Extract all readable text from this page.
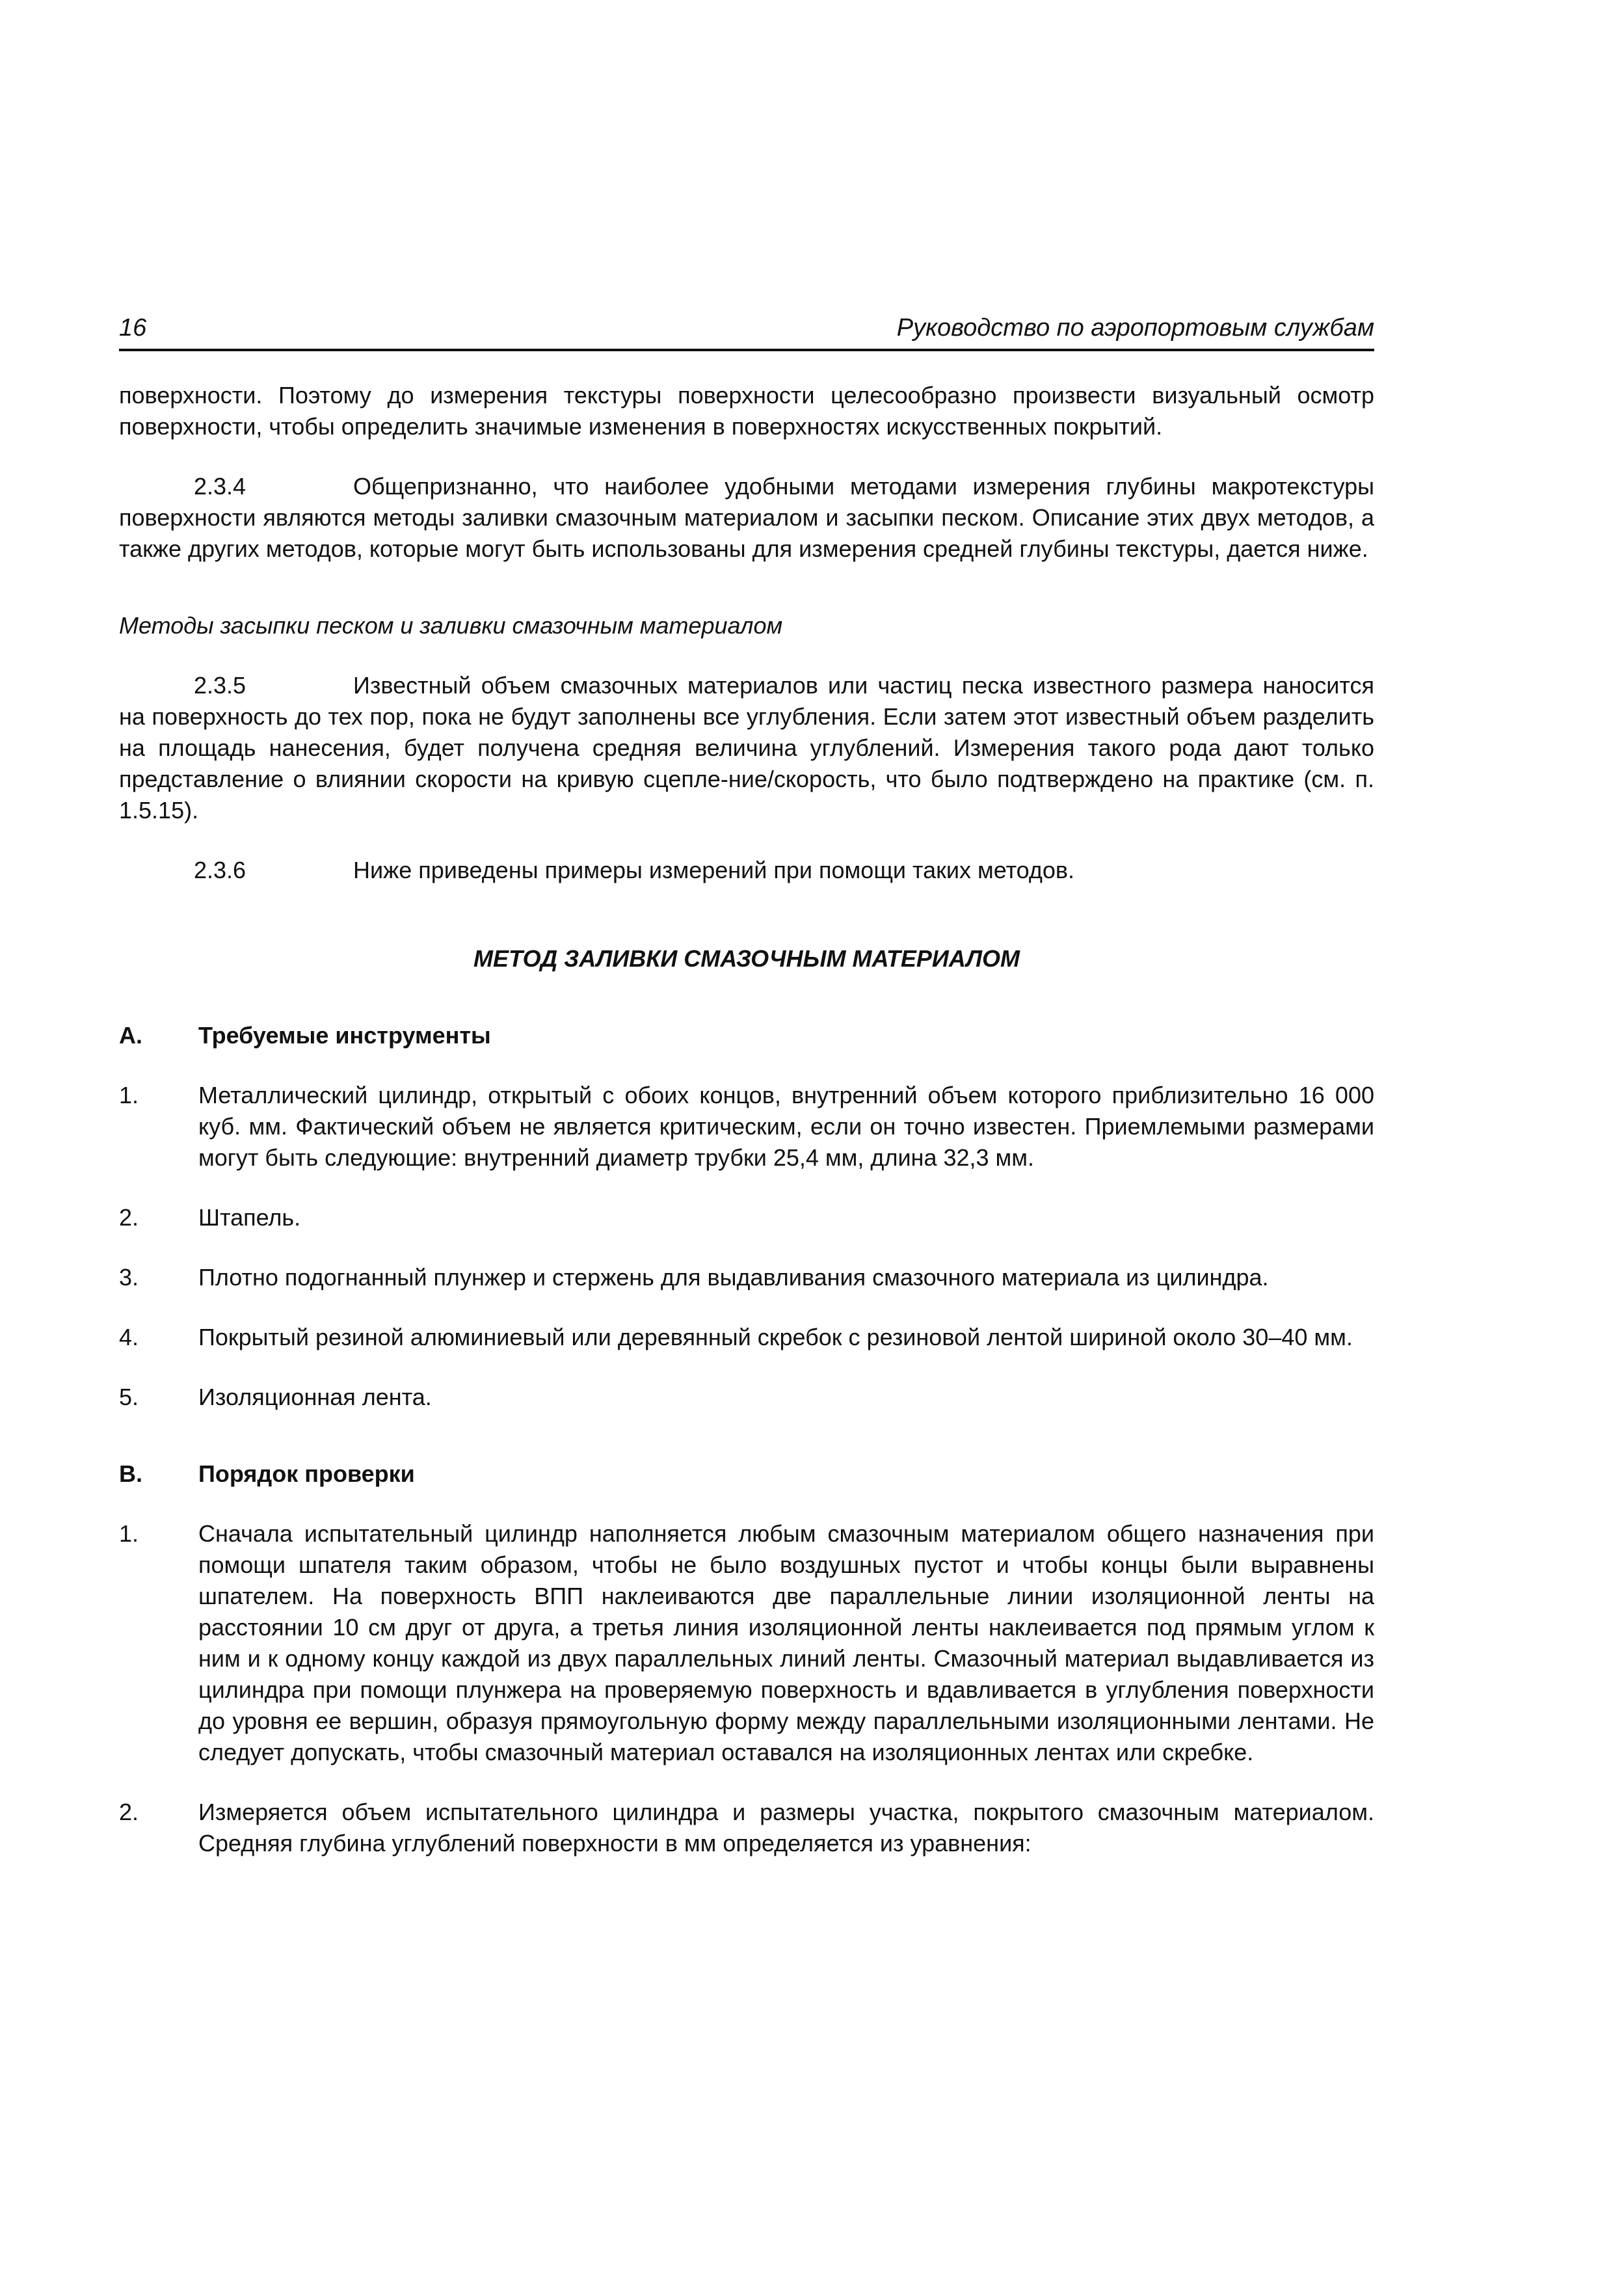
16	Руководство по аэропортовым службам

поверхности. Поэтому до измерения текстуры поверхности целесообразно произвести визуальный осмотр поверхности, чтобы определить значимые изменения в поверхностях искусственных покрытий.

2.3.4	Общепризнанно, что наиболее удобными методами измерения глубины макротекстуры поверхности являются методы заливки смазочным материалом и засыпки песком. Описание этих двух методов, а также других методов, которые могут быть использованы для измерения средней глубины текстуры, дается ниже.

Методы засыпки песком и заливки смазочным материалом

2.3.5	Известный объем смазочных материалов или частиц песка известного размера наносится на поверхность до тех пор, пока не будут заполнены все углубления. Если затем этот известный объем разделить на площадь нанесения, будет получена средняя величина углублений. Измерения такого рода дают только представление о влиянии скорости на кривую сцепле-ние/скорость, что было подтверждено на практике (см. п. 1.5.15).

2.3.6	Ниже приведены примеры измерений при помощи таких методов.

МЕТОД ЗАЛИВКИ СМАЗОЧНЫМ МАТЕРИАЛОМ

A.	Требуемые инструменты
1.	Металлический цилиндр, открытый с обоих концов, внутренний объем которого приблизительно 16 000 куб. мм. Фактический объем не является критическим, если он точно известен. Приемлемыми размерами могут быть следующие: внутренний диаметр трубки 25,4 мм, длина 32,3 мм.
2.	Штапель.
3.	Плотно подогнанный плунжер и стержень для выдавливания смазочного материала из цилиндра.
4.	Покрытый резиной алюминиевый или деревянный скребок с резиновой лентой шириной около 30–40 мм.
5.	Изоляционная лента.
B.	Порядок проверки
1.	Сначала испытательный цилиндр наполняется любым смазочным материалом общего назначения при помощи шпателя таким образом, чтобы не было воздушных пустот и чтобы концы были выравнены шпателем. На поверхность ВПП наклеиваются две параллельные линии изоляционной ленты на расстоянии 10 см друг от друга, а третья линия изоляционной ленты наклеивается под прямым углом к ним и к одному концу каждой из двух параллельных линий ленты. Смазочный материал выдавливается из цилиндра при помощи плунжера на проверяемую поверхность и вдавливается в углубления поверхности до уровня ее вершин, образуя прямоугольную форму между параллельными изоляционными лентами. Не следует допускать, чтобы смазочный материал оставался на изоляционных лентах или скребке.
2.	Измеряется объем испытательного цилиндра и размеры участка, покрытого смазочным материалом. Средняя глубина углублений поверхности в мм определяется из уравнения:
